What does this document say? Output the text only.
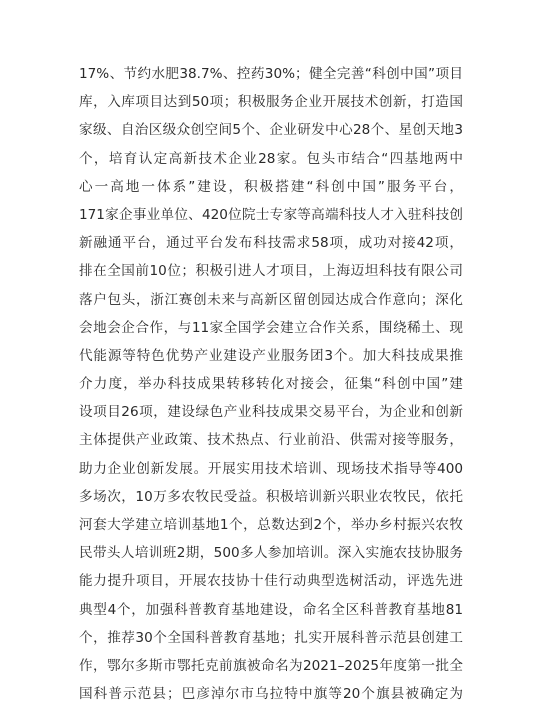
17%、节约水肥38.7%、控药30%；健全完善“科创中国”项目
库，入库项目达到50项；积极服务企业开展技术创新，打造国
家级、自治区级众创空间5个、企业研发中心28个、星创天地3
个，培育认定高新技术企业28家。包头市结合“四基地两中
心一高地一体系”建设，积极搭建“科创中国”服务平台，
171家企事业单位、420位院士专家等高端科技人才入驻科技创
新融通平台，通过平台发布科技需求58项，成功对接42项，
排在全国前10位；积极引进人才项目，上海迈坦科技有限公司
落户包头，浙江赛创未来与高新区留创园达成合作意向；深化
会地会企合作，与11家全国学会建立合作关系，围绕稀土、现
代能源等特色优势产业建设产业服务团3个。加大科技成果推
介力度，举办科技成果转移转化对接会，征集“科创中国”建
设项目26项，建设绿色产业科技成果交易平台，为企业和创新
主体提供产业政策、技术热点、行业前沿、供需对接等服务，
助力企业创新发展。开展实用技术培训、现场技术指导等400
多场次，10万多农牧民受益。积极培训新兴职业农牧民，依托
河套大学建立培训基地1个，总数达到2个，举办乡村振兴农牧
民带头人培训班2期，500多人参加培训。深入实施农技协服务
能力提升项目，开展农技协十佳行动典型选树活动，评选先进
典型4个，加强科普教育基地建设，命名全区科普教育基地81
个，推荐30个全国科普教育基地；扎实开展科普示范县创建工
作，鄂尔多斯市鄂托克前旗被命名为2021–2025年度第一批全
国科普示范县；巴彦淖尔市乌拉特中旗等20个旗县被确定为
